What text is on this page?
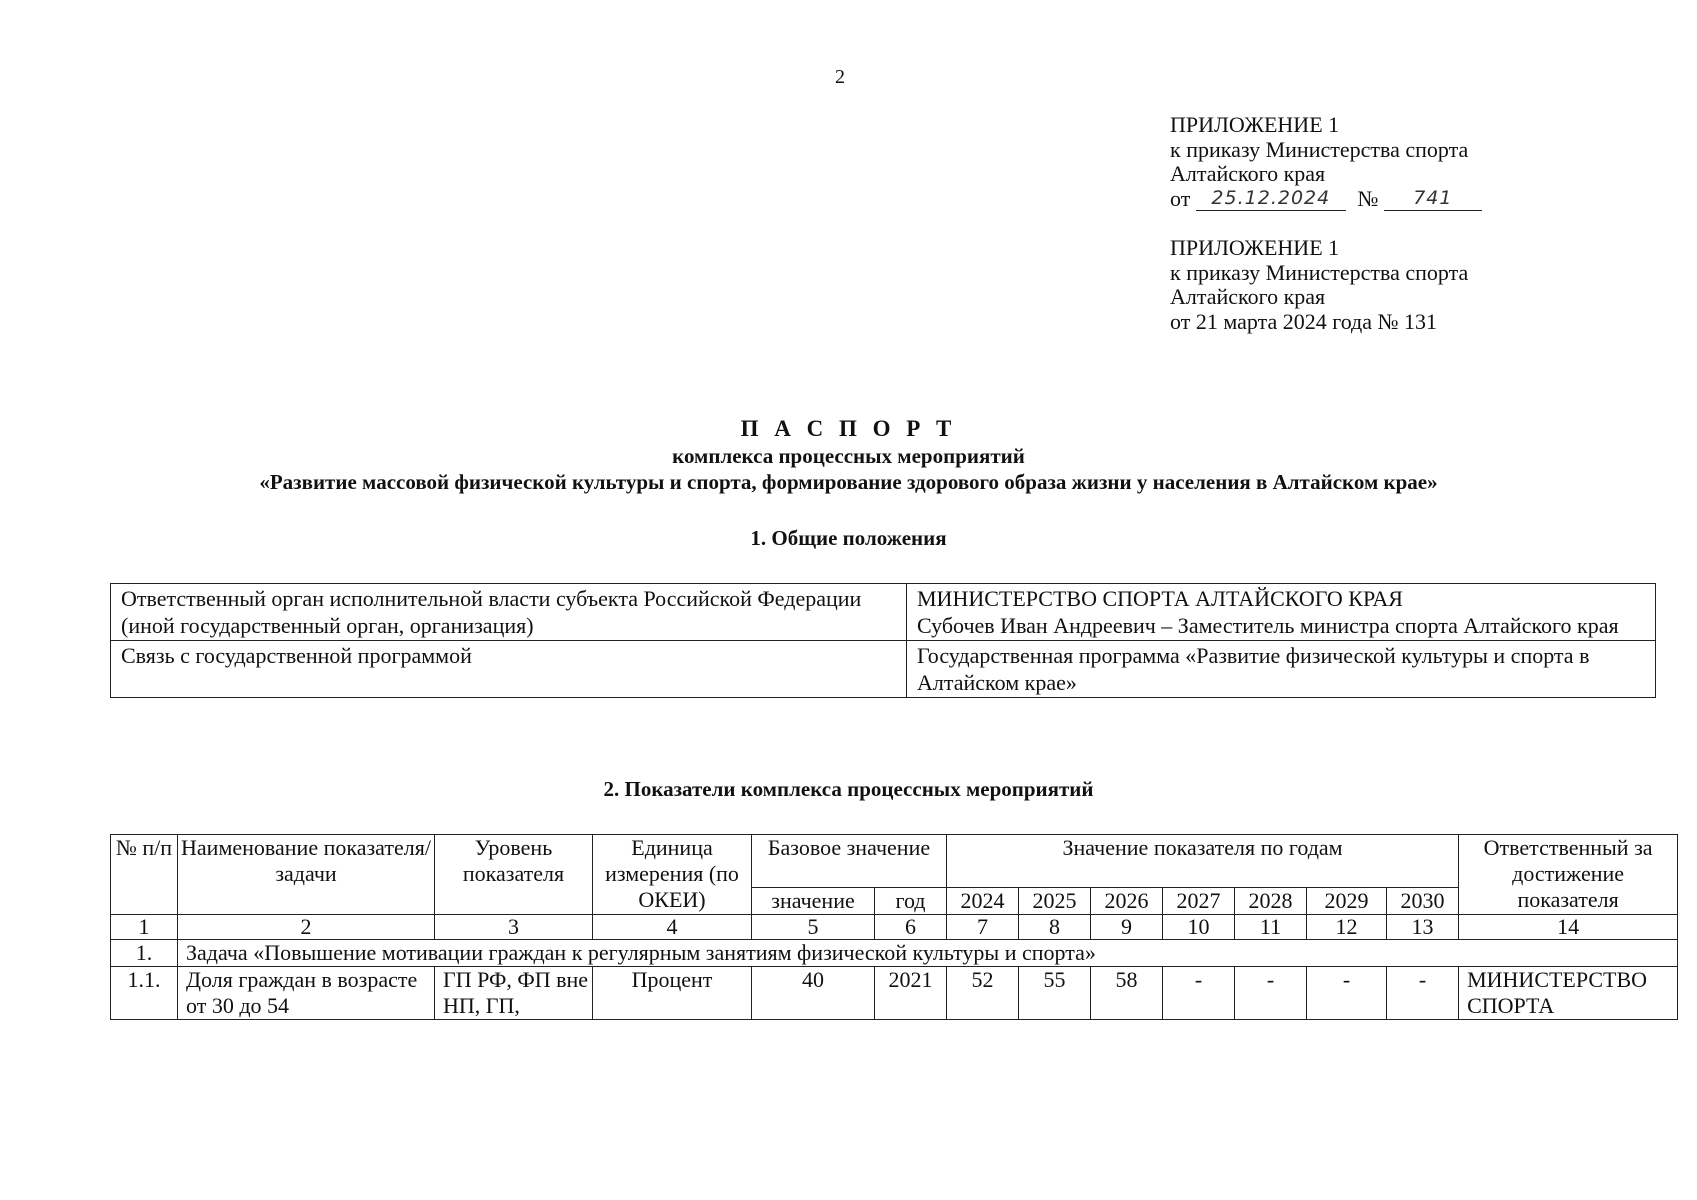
2
ПРИЛОЖЕНИЕ 1
к приказу Министерства спорта
Алтайского края
от 25.12.2024 № 741
ПРИЛОЖЕНИЕ 1
к приказу Министерства спорта
Алтайского края
от 21 марта 2024 года № 131
П А С П О Р Т
комплекса процессных мероприятий
«Развитие массовой физической культуры и спорта, формирование здорового образа жизни у населения в Алтайском крае»
1. Общие положения
Ответственный орган исполнительной власти субъекта Российской Федерации (иной государственный орган, организация)	МИНИСТЕРСТВО СПОРТА АЛТАЙСКОГО КРАЯ
Субочев Иван Андреевич – Заместитель министра спорта Алтайского края

Связь с государственной программой	Государственная программа «Развитие физической культуры и спорта в Алтайском крае»
2. Показатели комплекса процессных мероприятий
№ п/п	Наименование показателя/задачи	Уровень показателя	Единица измерения (по ОКЕИ)	Базовое значение		Значение показателя по годам							Ответственный за достижение показателя
				значение	год	2024	2025	2026	2027	2028	2029	2030	
1	2	3	4	5	6	7	8	9	10	11	12	13	14
1.	Задача «Повышение мотивации граждан к регулярным занятиям физической культуры и спорта»												
1.1.	Доля граждан в возрасте от 30 до 54	ГП РФ, ФП вне НП, ГП,	Процент	40	2021	52	55	58	-	-	-	-	МИНИСТЕРСТВО СПОРТА
